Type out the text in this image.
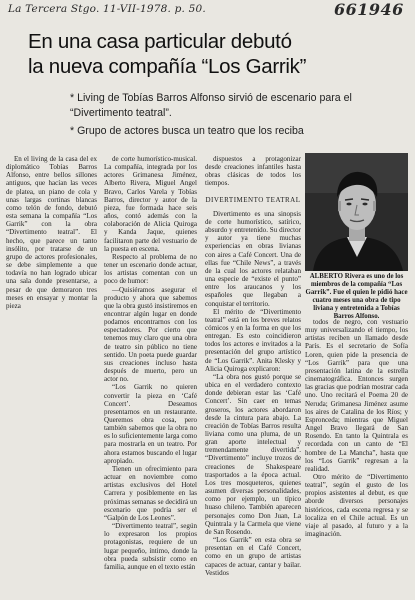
La Tercera Stgo. 11-VII-1978. p. 50.	661946
En una casa particular debutó
la nueva compañía “Los Garrik”

* Living de Tobías Barros Alfonso sirvió de escenario para el “Divertimento teatral”.

* Grupo de actores busca un teatro que los reciba

En el living de la casa del ex diplomático Tobías Barros Alfonso, entre bellos sillones antiguos, que hacían las veces de platea, un piano de cola y unas largas cortinas blancas como telón de fondo, debutó esta semana la compañía “Los Garrik” con la obra “Divertimento teatral”. El hecho, que parece un tanto insólito, por tratarse de un grupo de actores profesionales, se debe simplemente a que todavía no han logrado ubicar una sala donde presentarse, a pesar de que demoraron tres meses en ensayar y montar la pieza

de corte humorístico-musical. La compañía, integrada por los actores Grimanesa Jiménez, Alberto Rivera, Miguel Angel Bravo, Carlos Varela y Tobías Barros, director y autor de la pieza, fue formada hace seis años, contó además con la colaboración de Alicia Quiroga y Kanda Jaque, quienes facilitaron parte del vestuario de la puesta en escena.

Respecto al problema de no tener un escenario donde actuar, los artistas comentan con un poco de humor:

—Quisiéramos asegurar el producto y ahora que sabemos que la obra gustó insistiremos en encontrar algún lugar en donde podamos encontrarnos con los espectadores. Por cierto que tenemos muy claro que una obra de teatro sin público no tiene sentido. Un poeta puede guardar sus creaciones incluso hasta después de muerto, pero un actor no.

“Los Garrik no quieren convertir la pieza en ‘Café Concert’. Deseamos presentarnos en un restaurante. Queremos obra cosa, pero también sabemos que la obra no es lo suficientemente larga como para mostrarla en un teatro. Por ahora estamos buscando el lugar apropiado.

Tienen un ofrecimiento para actuar en noviembre como artistas exclusivos del Hotel Carrera y posiblemente en las próximas semanas se decidirá un escenario que podría ser el “Galpón de Los Leones”.

“Divertimento teatral”, según lo expresaron los propios protagonistas, requiere de un lugar pequeño, íntimo, donde la obra pueda subsistir como en familia, aunque en el texto están

dispuestos a protagonizar desde creaciones infantiles hasta obras clásicas de todos los tiempos.

DIVERTIMENTO TEATRAL

Divertimento es una sinopsis de corte humorístico, satírico, absurdo y entretenido. Su director y autor ya tiene muchas experiencias en obras livianas con aires a Café Concert. Una de ellas fue “Chile News”, a través de la cual los actores relataban una especie de “existe el punto” entre los araucanos y los españoles que llegaban a conquistar el territorio.

El mérito de “Divertimento teatral” está en los breves relatos cómicos y en la forma en que los entregan. Es esto coincidieron todos los actores e invitados a la presentación del grupo artístico de “Los Garrik”. Anita Klesky y Alicia Quiroga explicaron:

“La obra nos gustó porque se ubica en el verdadero contexto donde debieran estar las ‘Café Concert’. Sin caer en temas groseros, los actores abordaron desde la cintura para abajo. La creación de Tobías Barros resulta liviana como una pluma, de un gran aporte intelectual y tremendamente divertida”. “Divertimento” incluye trozos de creaciones de Shakespeare trasportados a la época actual. Los tres mosqueteros, quienes asumen diversas personalidades, como por ejemplo, un típico huaso chileno. También aparecen personajes como Don Juan, La Quintrala y la Carmela que viene de San Rosendo.

“Los Garrik” en esta obra se presentan en el Café Concert, como en un grupo de artistas capaces de actuar, cantar y bailar. Vestidos

ALBERTO Rivera es uno de los miembros de la compañía “Los Garrik”. Fue el quien le pidió hace cuatro meses una obra de tipo liviana y entretenida a Tobías Barros Alfonso.

todos de negro, con vestuario muy universalizando el tiempo, los artistas reciben un llamado desde París. Es el secretario de Sofía Loren, quien pide la presencia de “Los Garrik” para que una presentación latina de la estrella cinematográfica. Entonces surgen las gracias que podrían mostrar cada uno. Uno recitará el Poema 20 de Neruda; Grimanesa Jiménez asume los aires de Catalina de los Ríos; y Espronceda; mientras que Miguel Angel Bravo llegará de San Rosendo. En tanto la Quintrala es recordada con un canto de “El hombre de La Mancha”, hasta que los “Los Garrik” regresan a la realidad.

Otro mérito de “Divertimento teatral”, según el gusto de los propios asistentes al debut, es que aborde diversos personajes históricos, cada escena regresa y se localiza en el Chile actual. Es un viaje al pasado, al futuro y a la imaginación.
